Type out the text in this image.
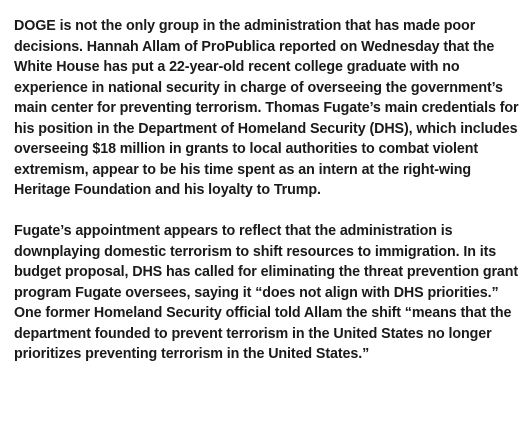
DOGE is not the only group in the administration that has made poor decisions. Hannah Allam of ProPublica reported on Wednesday that the White House has put a 22-year-old recent college graduate with no experience in national security in charge of overseeing the government’s main center for preventing terrorism. Thomas Fugate’s main credentials for his position in the Department of Homeland Security (DHS), which includes overseeing $18 million in grants to local authorities to combat violent extremism, appear to be his time spent as an intern at the right-wing Heritage Foundation and his loyalty to Trump.

Fugate’s appointment appears to reflect that the administration is downplaying domestic terrorism to shift resources to immigration. In its budget proposal, DHS has called for eliminating the threat prevention grant program Fugate oversees, saying it “does not align with DHS priorities.” One former Homeland Security official told Allam the shift “means that the department founded to prevent terrorism in the United States no longer prioritizes preventing terrorism in the United States.”
